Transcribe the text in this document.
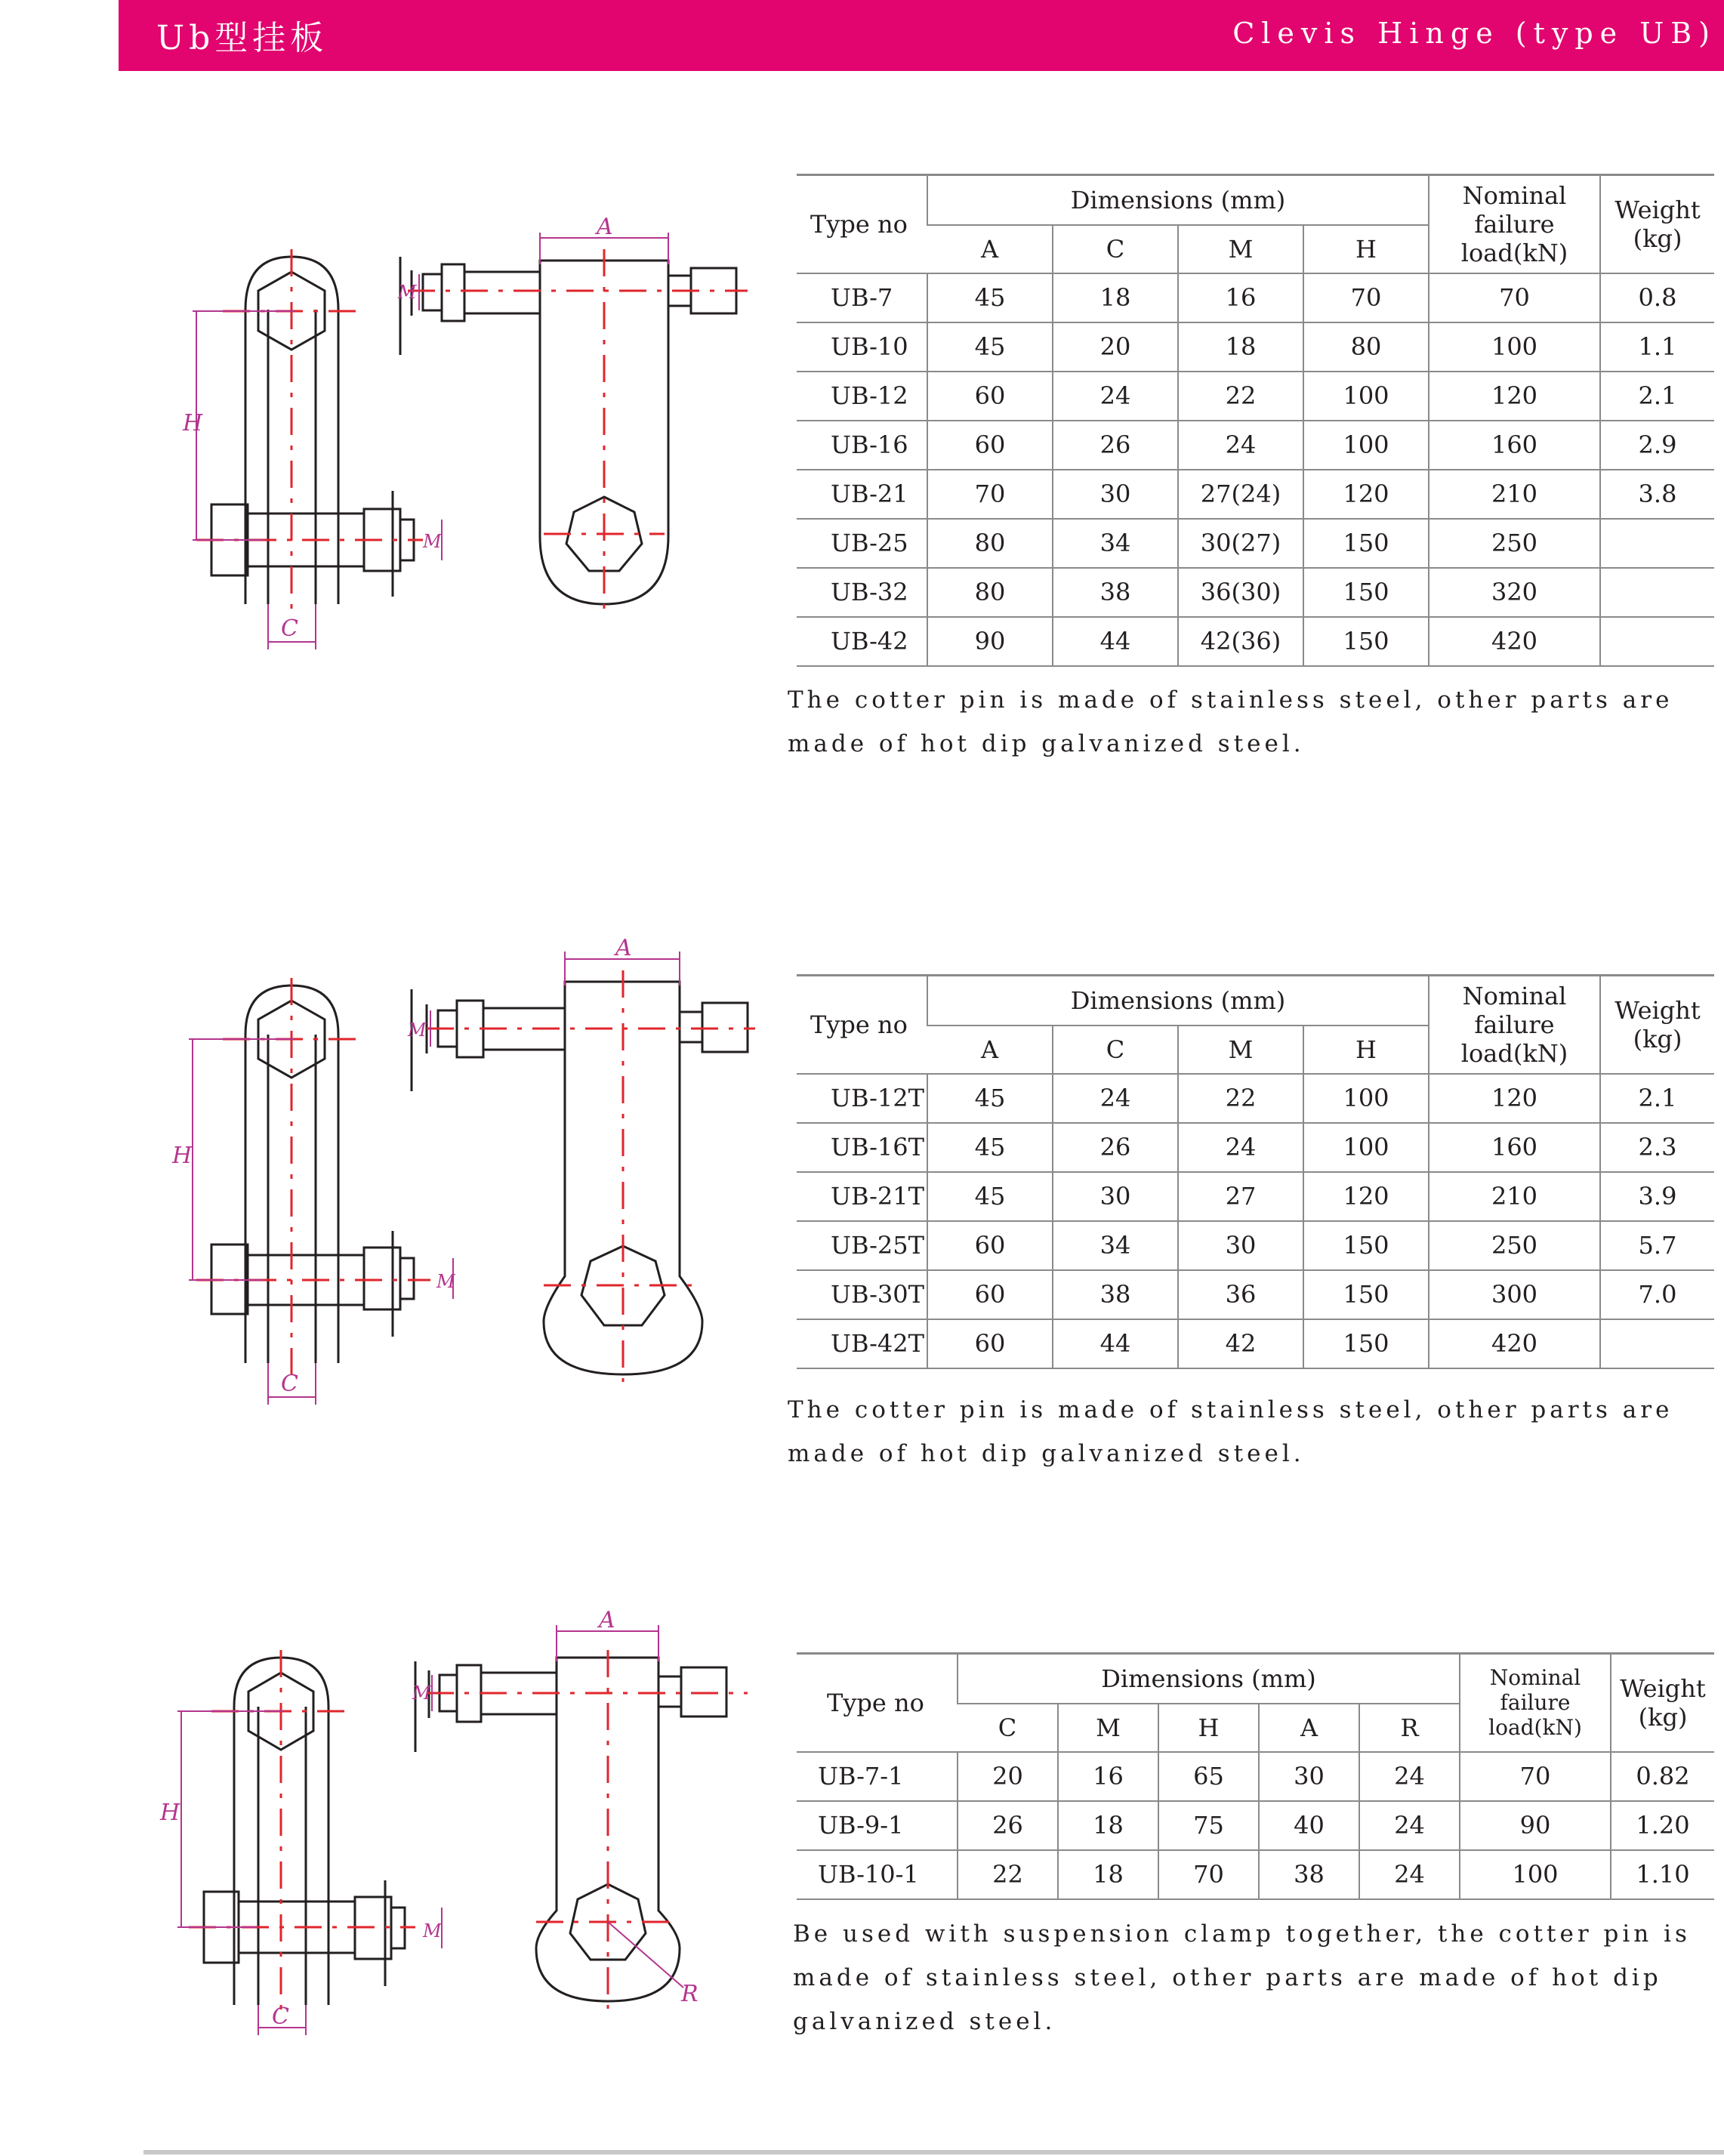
Ub型挂板	Clevis Hinge (type UB)
H
C
A
M
M
Type no	Dimensions (mm)				Nominal failure load(kN)	Weight (kg)
	A	C	M	H		
UB-7	45	18	16	70	70	0.8
UB-10	45	20	18	80	100	1.1
UB-12	60	24	22	100	120	2.1
UB-16	60	26	24	100	160	2.9
UB-21	70	30	27(24)	120	210	3.8
UB-25	80	34	30(27)	150	250	
UB-32	80	38	36(30)	150	320	
UB-42	90	44	42(36)	150	420	
The cotter pin is made of stainless steel, other parts are made of hot dip galvanized steel.
H
C
A
M
M
Type no	Dimensions (mm)				Nominal failure load(kN)	Weight (kg)
	A	C	M	H		
UB-12T	45	24	22	100	120	2.1
UB-16T	45	26	24	100	160	2.3
UB-21T	45	30	27	120	210	3.9
UB-25T	60	34	30	150	250	5.7
UB-30T	60	38	36	150	300	7.0
UB-42T	60	44	42	150	420	
The cotter pin is made of stainless steel, other parts are made of hot dip galvanized steel.
H
C
A
M
M
R
Type no	Dimensions (mm)					Nominal failure load(kN)	Weight (kg)
	C	M	H	A	R		
UB-7-1	20	16	65	30	24	70	0.82
UB-9-1	26	18	75	40	24	90	1.20
UB-10-1	22	18	70	38	24	100	1.10
Be used with suspension clamp together, the cotter pin is made of stainless steel, other parts are made of hot dip galvanized steel.
